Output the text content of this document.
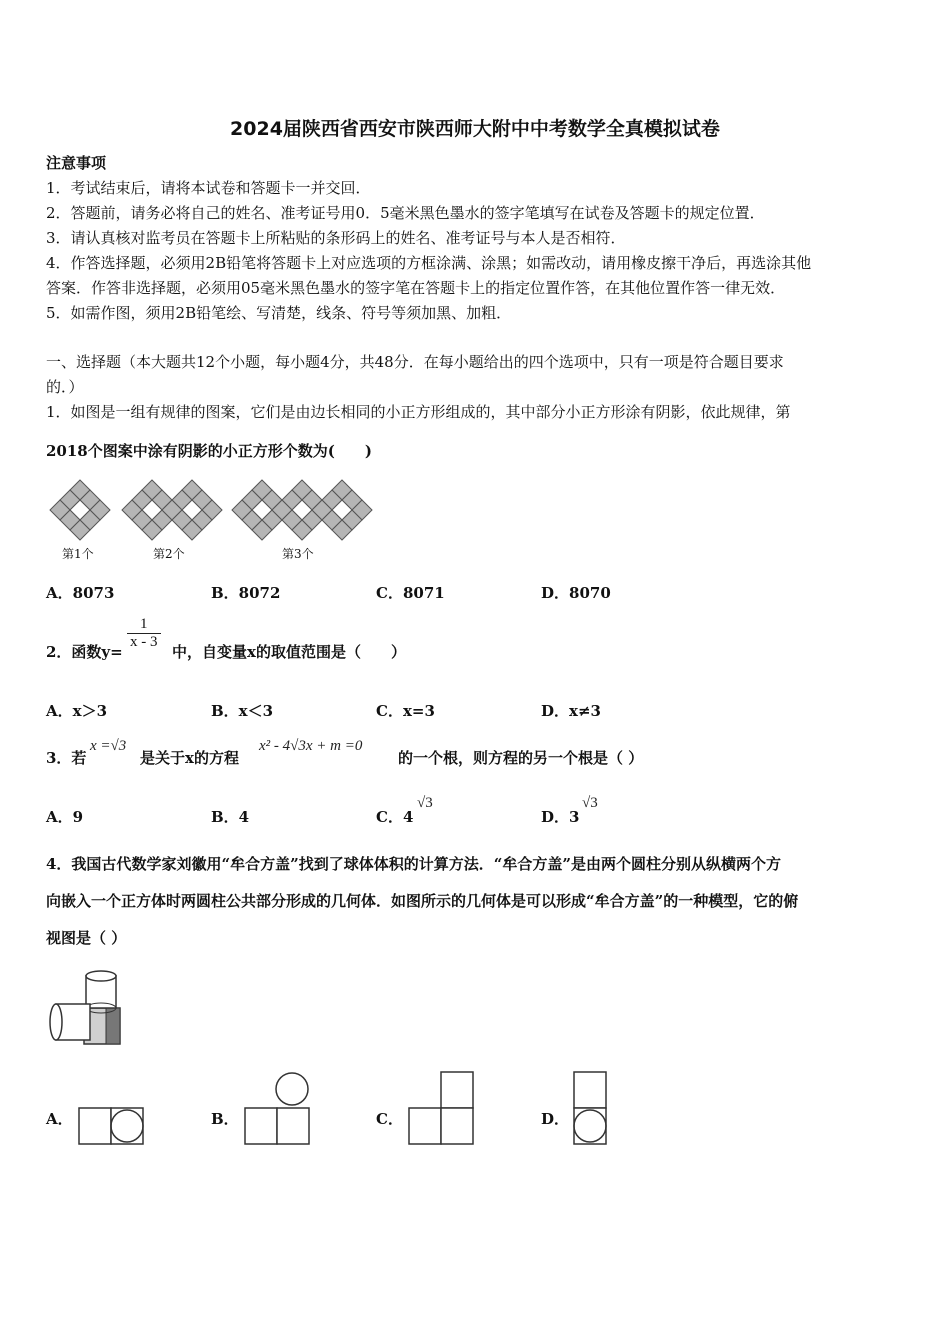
2024届陕西省西安市陕西师大附中中考数学全真模拟试卷
注意事项
1．考试结束后，请将本试卷和答题卡一并交回．
2．答题前，请务必将自己的姓名、准考证号用0．5毫米黑色墨水的签字笔填写在试卷及答题卡的规定位置．
3．请认真核对监考员在答题卡上所粘贴的条形码上的姓名、准考证号与本人是否相符．
4．作答选择题，必须用2B铅笔将答题卡上对应选项的方框涂满、涂黑；如需改动，请用橡皮擦干净后，再选涂其他
答案．作答非选择题，必须用05毫米黑色墨水的签字笔在答题卡上的指定位置作答，在其他位置作答一律无效．
5．如需作图，须用2B铅笔绘、写清楚，线条、符号等须加黑、加粗．
一、选择题（本大题共12个小题，每小题4分，共48分．在每小题给出的四个选项中，只有一项是符合题目要求
的．）
1．如图是一组有规律的图案，它们是由边长相同的小正方形组成的，其中部分小正方形涂有阴影，依此规律，第
2018个图案中涂有阴影的小正方形个数为(　　)
第1个	第2个	第3个
A．8073	B．8072	C．8071	D．8070
2．函数y=
$\frac{1}{x - 3}$
中，自变量x的取值范围是（　　）
A．x＞3	B．x＜3	C．x=3	D．x≠3
3．若
x =√3
是关于x的方程
x² - 4√3x + m =0
的一个根，则方程的另一个根是（ ）
A．9	B．4	C．4
√3
D．3
√3
4．我国古代数学家刘徽用“牟合方盖”找到了球体体积的计算方法．“牟合方盖”是由两个圆柱分别从纵横两个方
向嵌入一个正方体时两圆柱公共部分形成的几何体．如图所示的几何体是可以形成“牟合方盖”的一种模型，它的俯
视图是（ ）
A．	B．	C．	D．
